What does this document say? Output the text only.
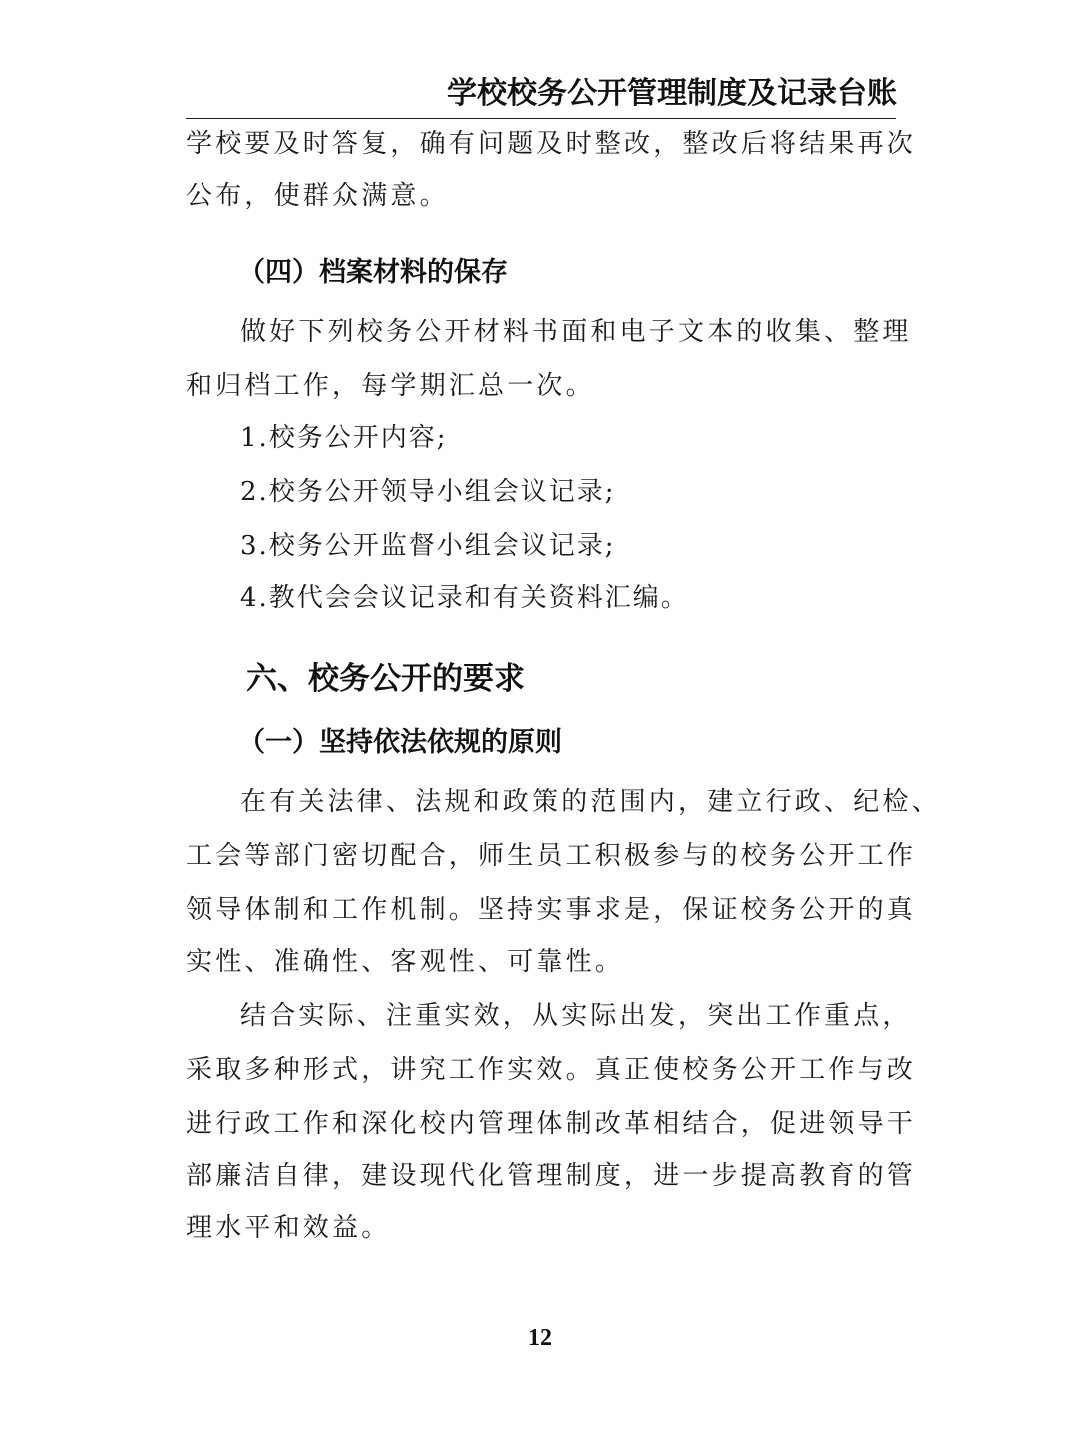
学校校务公开管理制度及记录台账
学校要及时答复，确有问题及时整改，整改后将结果再次
公布，使群众满意。
（四）档案材料的保存
做好下列校务公开材料书面和电子文本的收集、整理
和归档工作，每学期汇总一次。
1.校务公开内容;
2.校务公开领导小组会议记录;
3.校务公开监督小组会议记录;
4.教代会会议记录和有关资料汇编。
六、校务公开的要求
（一）坚持依法依规的原则
在有关法律、法规和政策的范围内，建立行政、纪检、
工会等部门密切配合，师生员工积极参与的校务公开工作
领导体制和工作机制。坚持实事求是，保证校务公开的真
实性、准确性、客观性、可靠性。
结合实际、注重实效，从实际出发，突出工作重点，
采取多种形式，讲究工作实效。真正使校务公开工作与改
进行政工作和深化校内管理体制改革相结合，促进领导干
部廉洁自律，建设现代化管理制度，进一步提高教育的管
理水平和效益。
12
